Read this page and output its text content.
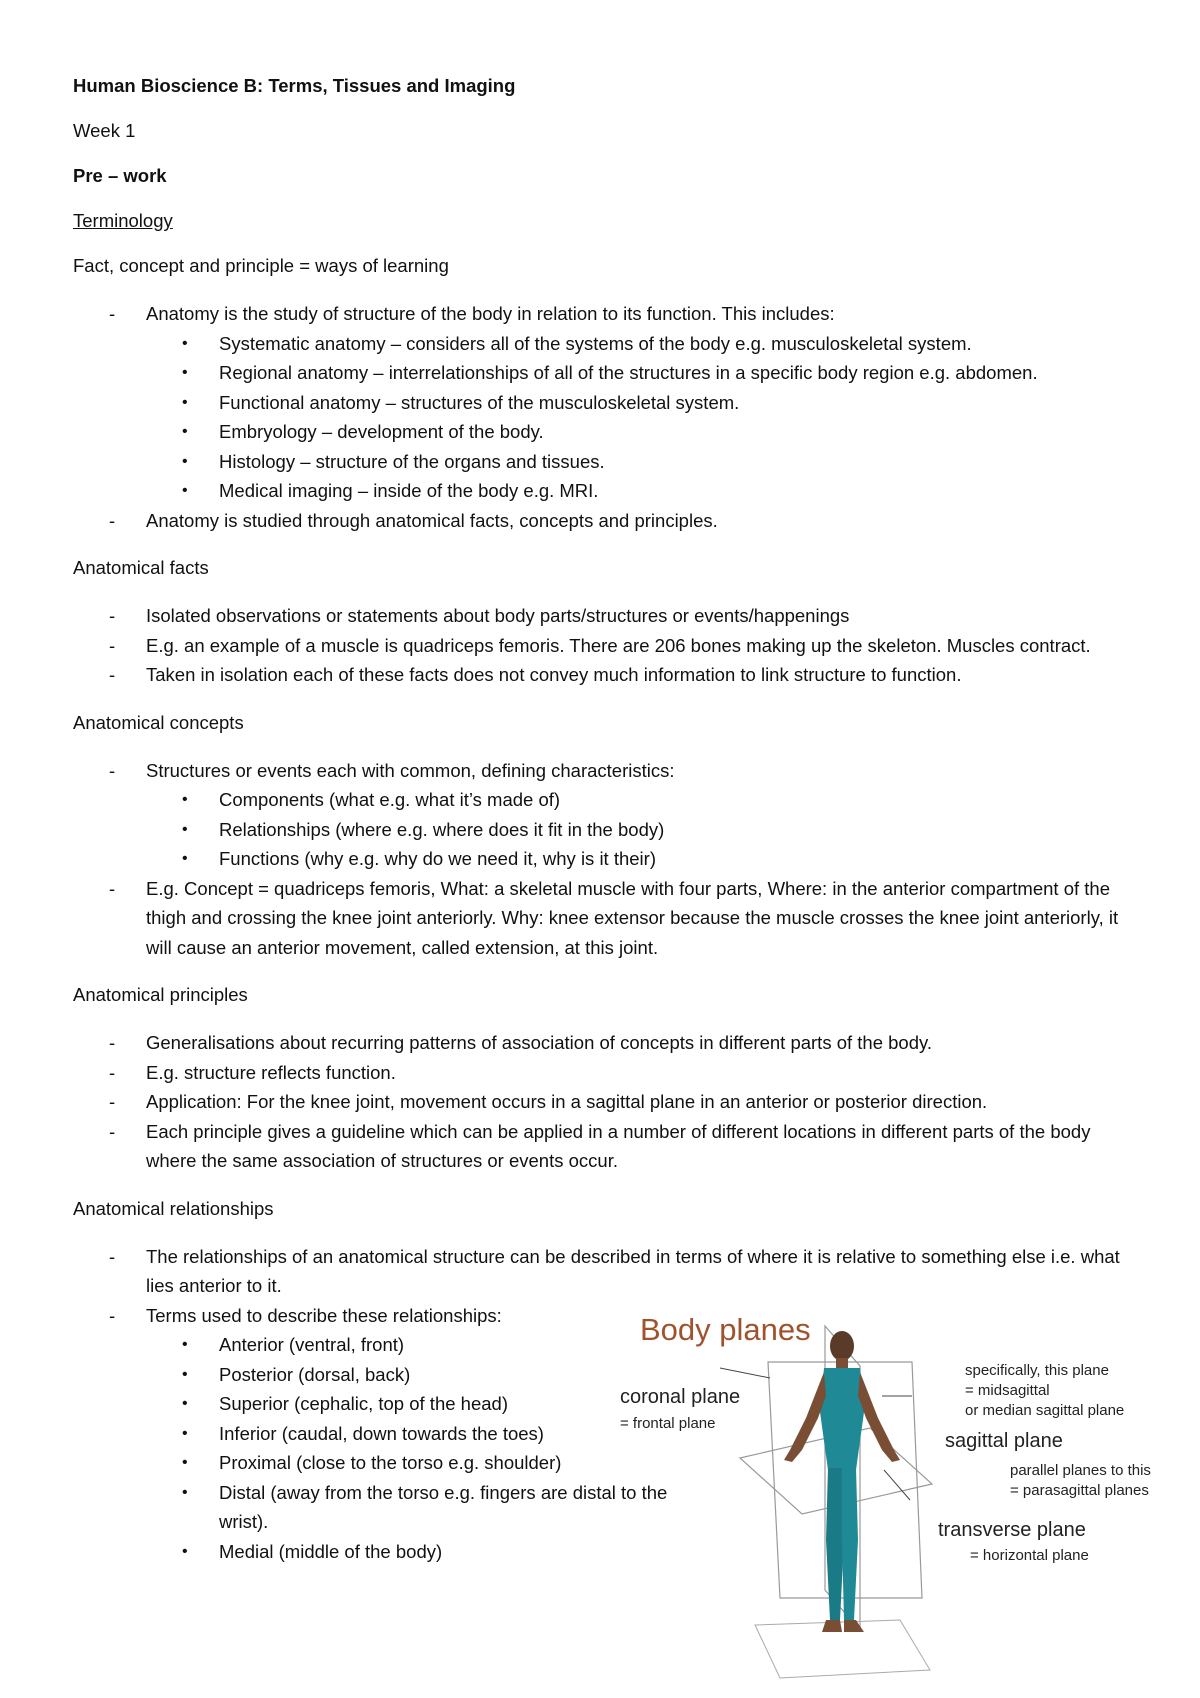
Human Bioscience B: Terms, Tissues and Imaging

Week 1

Pre – work

Terminology

Fact, concept and principle = ways of learning

- Anatomy is the study of structure of the body in relation to its function. This includes:
• Systematic anatomy – considers all of the systems of the body e.g. musculoskeletal system.
• Regional anatomy – interrelationships of all of the structures in a specific body region e.g. abdomen.
• Functional anatomy – structures of the musculoskeletal system.
• Embryology – development of the body.
• Histology – structure of the organs and tissues.
• Medical imaging – inside of the body e.g. MRI.
- Anatomy is studied through anatomical facts, concepts and principles.

Anatomical facts

- Isolated observations or statements about body parts/structures or events/happenings
- E.g. an example of a muscle is quadriceps femoris. There are 206 bones making up the skeleton. Muscles contract.
- Taken in isolation each of these facts does not convey much information to link structure to function.

Anatomical concepts

- Structures or events each with common, defining characteristics:
• Components (what e.g. what it’s made of)
• Relationships (where e.g. where does it fit in the body)
• Functions (why e.g. why do we need it, why is it their)
- E.g. Concept = quadriceps femoris, What: a skeletal muscle with four parts, Where: in the anterior compartment of the thigh and crossing the knee joint anteriorly. Why: knee extensor because the muscle crosses the knee joint anteriorly, it will cause an anterior movement, called extension, at this joint.

Anatomical principles

- Generalisations about recurring patterns of association of concepts in different parts of the body.
- E.g. structure reflects function.
- Application: For the knee joint, movement occurs in a sagittal plane in an anterior or posterior direction.
- Each principle gives a guideline which can be applied in a number of different locations in different parts of the body where the same association of structures or events occur.

Anatomical relationships

- The relationships of an anatomical structure can be described in terms of where it is relative to something else i.e. what lies anterior to it.
- Terms used to describe these relationships:
• Anterior (ventral, front)
• Posterior (dorsal, back)
• Superior (cephalic, top of the head)
• Inferior (caudal, down towards the toes)
• Proximal (close to the torso e.g. shoulder)
• Distal (away from the torso e.g. fingers are distal to the wrist).
• Medial (middle of the body)
Body planes
coronal plane
= frontal plane
specifically, this plane
= midsagittal
or median sagittal plane
sagittal plane
parallel planes to this
= parasagittal planes
transverse plane
= horizontal plane
